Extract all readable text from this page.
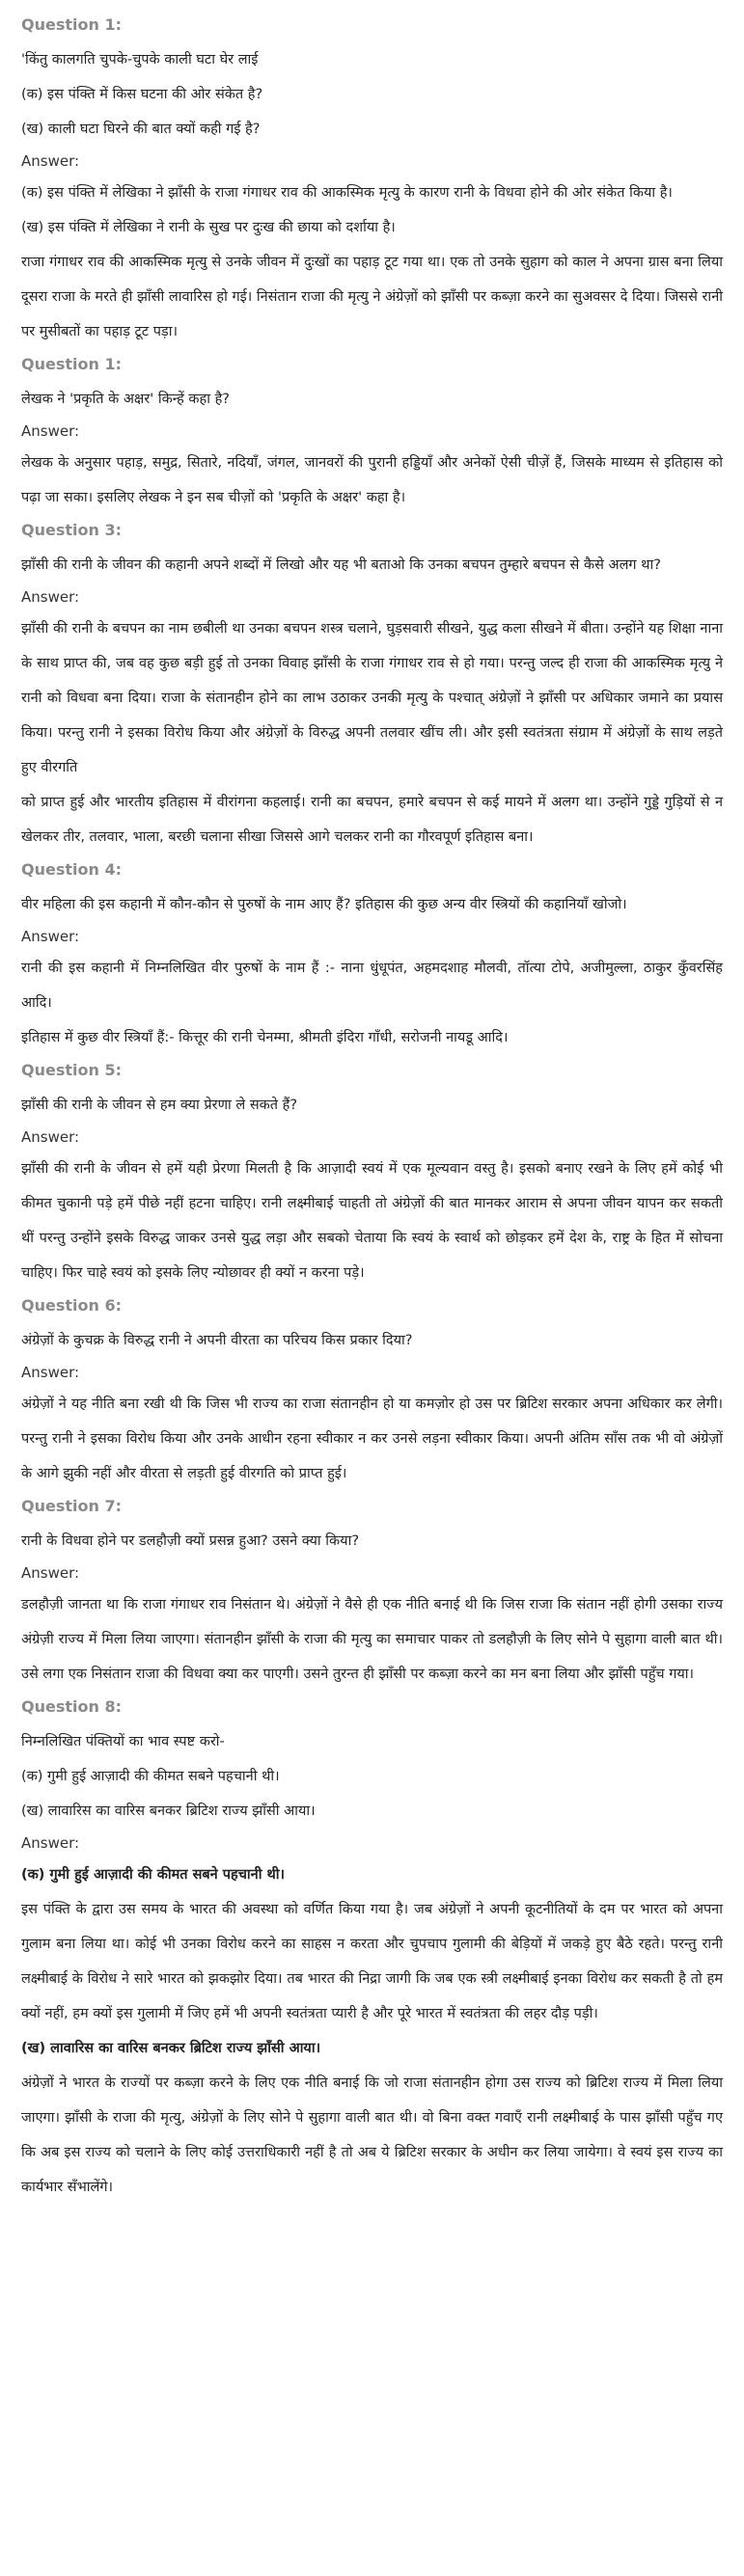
Question 1:

'किंतु कालगति चुपके-चुपके काली घटा घेर लाई

(क) इस पंक्ति में किस घटना की ओर संकेत है?

(ख) काली घटा घिरने की बात क्यों कही गई है?

Answer:

(क) इस पंक्ति में लेखिका ने झाँसी के राजा गंगाधर राव की आकस्मिक मृत्यु के कारण रानी के विधवा होने की ओर संकेत किया है।

(ख) इस पंक्ति में लेखिका ने रानी के सुख पर दुःख की छाया को दर्शाया है।

राजा गंगाधर राव की आकस्मिक मृत्यु से उनके जीवन में दुःखों का पहाड़ टूट गया था। एक तो उनके सुहाग को काल ने अपना ग्रास बना लिया दूसरा राजा के मरते ही झाँसी लावारिस हो गई। निसंतान राजा की मृत्यु ने अंग्रेज़ों को झाँसी पर कब्ज़ा करने का सुअवसर दे दिया। जिससे रानी पर मुसीबतों का पहाड़ टूट पड़ा।

Question 1:

लेखक ने 'प्रकृति के अक्षर' किन्हें कहा है?

Answer:

लेखक के अनुसार पहाड़, समुद्र, सितारे, नदियाँ, जंगल, जानवरों की पुरानी हड्डियाँ और अनेकों ऐसी चीज़ें हैं, जिसके माध्यम से इतिहास को पढ़ा जा सका। इसलिए लेखक ने इन सब चीज़ों को 'प्रकृति के अक्षर' कहा है।

Question 3:

झाँसी की रानी के जीवन की कहानी अपने शब्दों में लिखो और यह भी बताओ कि उनका बचपन तुम्हारे बचपन से कैसे अलग था?

Answer:

झाँसी की रानी के बचपन का नाम छबीली था उनका बचपन शस्त्र चलाने, घुड़सवारी सीखने, युद्ध कला सीखने में बीता। उन्होंने यह शिक्षा नाना के साथ प्राप्त की, जब वह कुछ बड़ी हुई तो उनका विवाह झाँसी के राजा गंगाधर राव से हो गया। परन्तु जल्द ही राजा की आकस्मिक मृत्यु ने रानी को विधवा बना दिया। राजा के संतानहीन होने का लाभ उठाकर उनकी मृत्यु के पश्चात् अंग्रेज़ों ने झाँसी पर अधिकार जमाने का प्रयास किया। परन्तु रानी ने इसका विरोध किया और अंग्रेज़ों के विरुद्ध अपनी तलवार खींच ली। और इसी स्वतंत्रता संग्राम में अंग्रेज़ों के साथ लड़ते हुए वीरगति

को प्राप्त हुई और भारतीय इतिहास में वीरांगना कहलाई। रानी का बचपन, हमारे बचपन से कई मायने में अलग था। उन्होंने गुड्डे गुड़ियों से न खेलकर तीर, तलवार, भाला, बरछी चलाना सीखा जिससे आगे चलकर रानी का गौरवपूर्ण इतिहास बना।

Question 4:

वीर महिला की इस कहानी में कौन-कौन से पुरुषों के नाम आए हैं? इतिहास की कुछ अन्य वीर स्त्रियों की कहानियाँ खोजो।

Answer:

रानी की इस कहानी में निम्नलिखित वीर पुरुषों के नाम हैं :- नाना धुंधूपंत, अहमदशाह मौलवी, तॉत्या टोपे, अजीमुल्ला, ठाकुर कुँवरसिंह आदि।

इतिहास में कुछ वीर स्त्रियाँ हैं:- कित्तूर की रानी चेनम्मा, श्रीमती इंदिरा गाँधी, सरोजनी नायडू आदि।

Question 5:

झाँसी की रानी के जीवन से हम क्या प्रेरणा ले सकते हैं?

Answer:

झाँसी की रानी के जीवन से हमें यही प्रेरणा मिलती है कि आज़ादी स्वयं में एक मूल्यवान वस्तु है। इसको बनाए रखने के लिए हमें कोई भी कीमत चुकानी पड़े हमें पीछे नहीं हटना चाहिए। रानी लक्ष्मीबाई चाहती तो अंग्रेज़ों की बात मानकर आराम से अपना जीवन यापन कर सकती थीं परन्तु उन्होंने इसके विरुद्ध जाकर उनसे युद्ध लड़ा और सबको चेताया कि स्वयं के स्वार्थ को छोड़कर हमें देश के, राष्ट्र के हित में सोचना चाहिए। फिर चाहे स्वयं को इसके लिए न्योछावर ही क्यों न करना पड़े।

Question 6:

अंग्रेज़ों के कुचक्र के विरुद्ध रानी ने अपनी वीरता का परिचय किस प्रकार दिया?

Answer:

अंग्रेज़ों ने यह नीति बना रखी थी कि जिस भी राज्य का राजा संतानहीन हो या कमज़ोर हो उस पर ब्रिटिश सरकार अपना अधिकार कर लेगी। परन्तु रानी ने इसका विरोध किया और उनके आधीन रहना स्वीकार न कर उनसे लड़ना स्वीकार किया। अपनी अंतिम साँस तक भी वो अंग्रेज़ों के आगे झुकी नहीं और वीरता से लड़ती हुई वीरगति को प्राप्त हुई।

Question 7:

रानी के विधवा होने पर डलहौज़ी क्यों प्रसन्न हुआ? उसने क्या किया?

Answer:

डलहौज़ी जानता था कि राजा गंगाधर राव निसंतान थे। अंग्रेज़ों ने वैसे ही एक नीति बनाई थी कि जिस राजा कि संतान नहीं होगी उसका राज्य अंग्रेज़ी राज्य में मिला लिया जाएगा। संतानहीन झाँसी के राजा की मृत्यु का समाचार पाकर तो डलहौज़ी के लिए सोने पे सुहागा वाली बात थी। उसे लगा एक निसंतान राजा की विधवा क्या कर पाएगी। उसने तुरन्त ही झाँसी पर कब्ज़ा करने का मन बना लिया और झाँसी पहुँच गया।

Question 8:

निम्नलिखित पंक्तियों का भाव स्पष्ट करो-

(क) गुमी हुई आज़ादी की कीमत सबने पहचानी थी।

(ख) लावारिस का वारिस बनकर ब्रिटिश राज्य झाँसी आया।

Answer:

(क) गुमी हुई आज़ादी की कीमत सबने पहचानी थी।

इस पंक्ति के द्वारा उस समय के भारत की अवस्था को वर्णित किया गया है। जब अंग्रेज़ों ने अपनी कूटनीतियों के दम पर भारत को अपना गुलाम बना लिया था। कोई भी उनका विरोध करने का साहस न करता और चुपचाप गुलामी की बेड़ियों में जकड़े हुए बैठे रहते। परन्तु रानी लक्ष्मीबाई के विरोध ने सारे भारत को झकझोर दिया। तब भारत की निद्रा जागी कि जब एक स्त्री लक्ष्मीबाई इनका विरोध कर सकती है तो हम क्यों नहीं, हम क्यों इस गुलामी में जिए हमें भी अपनी स्वतंत्रता प्यारी है और पूरे भारत में स्वतंत्रता की लहर दौड़ पड़ी।

(ख) लावारिस का वारिस बनकर ब्रिटिश राज्य झाँसी आया।

अंग्रेज़ों ने भारत के राज्यों पर कब्ज़ा करने के लिए एक नीति बनाई कि जो राजा संतानहीन होगा उस राज्य को ब्रिटिश राज्य में मिला लिया जाएगा। झाँसी के राजा की मृत्यु, अंग्रेज़ों के लिए सोने पे सुहागा वाली बात थी। वो बिना वक्त गवाएँ रानी लक्ष्मीबाई के पास झाँसी पहुँच गए कि अब इस राज्य को चलाने के लिए कोई उत्तराधिकारी नहीं है तो अब ये ब्रिटिश सरकार के अधीन कर लिया जायेगा। वे स्वयं इस राज्य का कार्यभार सँभालेंगे।
